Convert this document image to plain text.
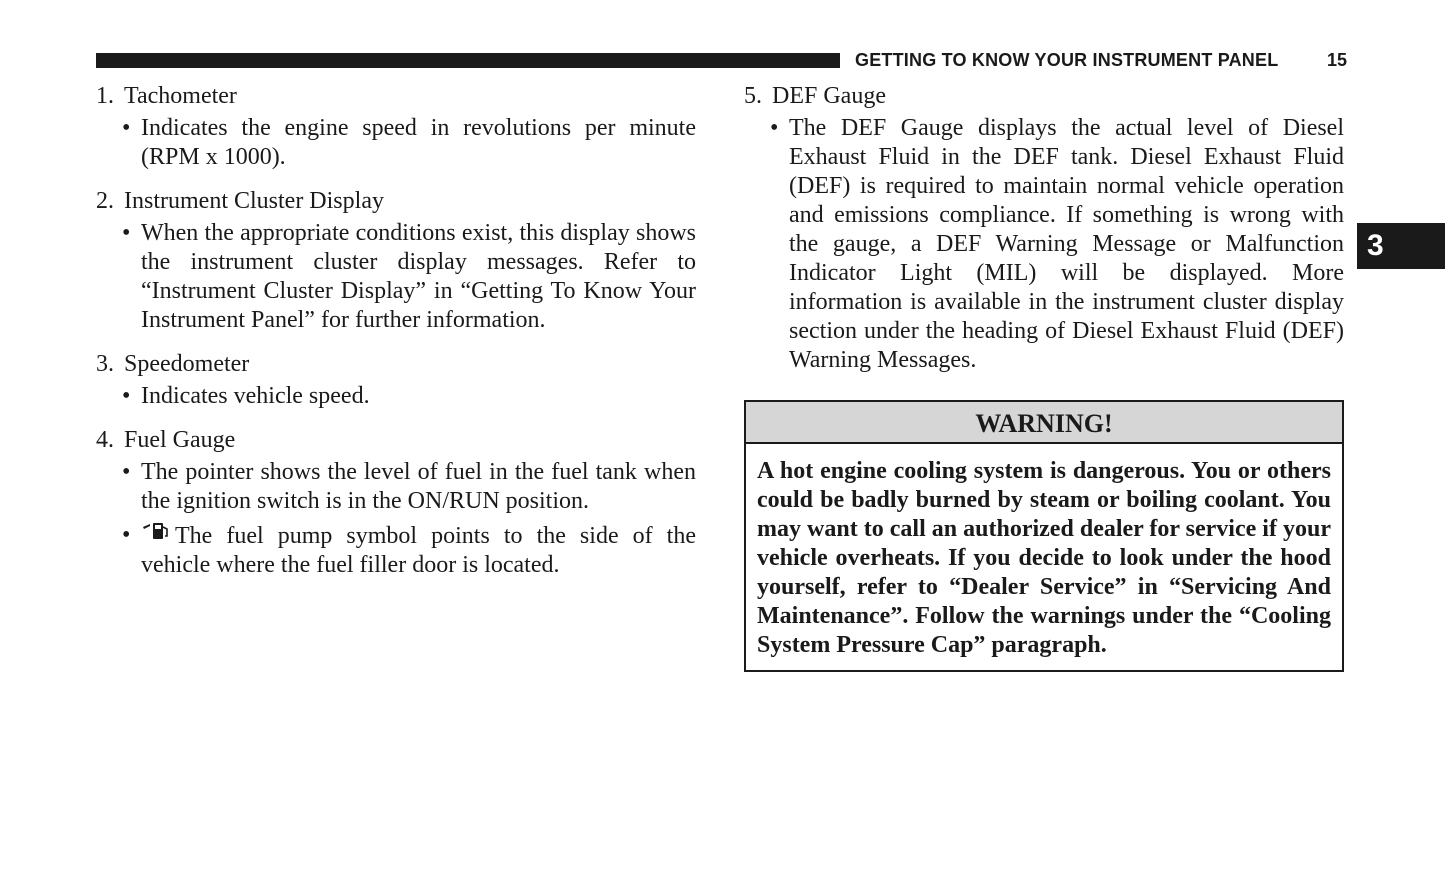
GETTING TO KNOW YOUR INSTRUMENT PANEL	15
3
1. Tachometer
• Indicates the engine speed in revolutions per minute (RPM x 1000).
2. Instrument Cluster Display
• When the appropriate conditions exist, this display shows the instrument cluster display messages. Refer to “Instrument Cluster Display” in “Getting To Know Your Instrument Panel” for further information.
3. Speedometer
• Indicates vehicle speed.
4. Fuel Gauge
• The pointer shows the level of fuel in the fuel tank when the ignition switch is in the ON/RUN position.
• The fuel pump symbol points to the side of the vehicle where the fuel filler door is located.
5. DEF Gauge
• The DEF Gauge displays the actual level of Diesel Exhaust Fluid in the DEF tank. Diesel Exhaust Fluid (DEF) is required to maintain normal vehicle operation and emissions compliance. If something is wrong with the gauge, a DEF Warning Message or Malfunction Indicator Light (MIL) will be displayed. More information is available in the instrument cluster display section under the heading of Diesel Exhaust Fluid (DEF) Warning Messages.
WARNING!
A hot engine cooling system is dangerous. You or others could be badly burned by steam or boiling coolant. You may want to call an authorized dealer for service if your vehicle overheats. If you decide to look under the hood yourself, refer to “Dealer Service” in “Servicing And Maintenance”. Follow the warnings under the “Cooling System Pressure Cap” paragraph.
